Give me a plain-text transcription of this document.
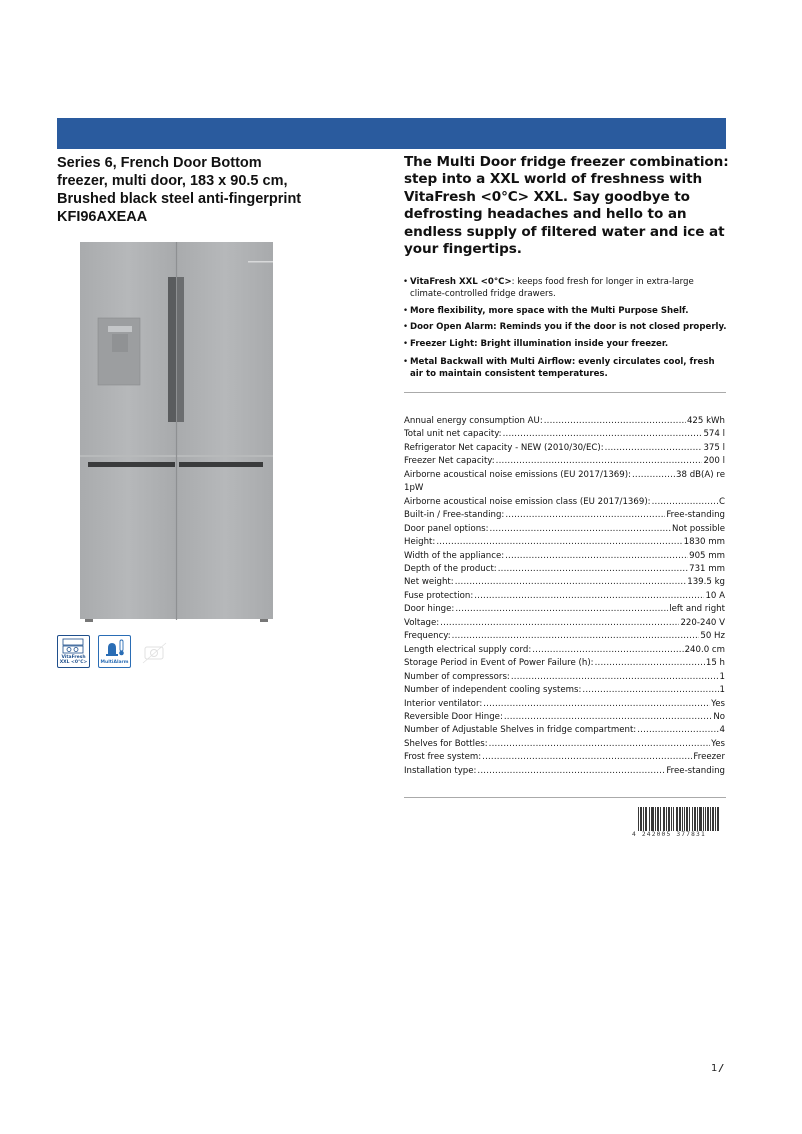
Series 6, French Door Bottom
freezer, multi door, 183 x 90.5 cm,
Brushed black steel anti-fingerprint
KFI96AXEAA
The Multi Door fridge freezer combination:
step into a XXL world of freshness with
VitaFresh <0°C> XXL. Say goodbye to
defrosting headaches and hello to an
endless supply of filtered water and ice at
your fingertips.
• VitaFresh XXL <0°C>: keeps food fresh for longer in extra-large climate-controlled fridge drawers.
• More flexibility, more space with the Multi Purpose Shelf.
• Door Open Alarm: Reminds you if the door is not closed properly.
• Freezer Light: Bright illumination inside your freezer.
• Metal Backwall with Multi Airflow: evenly circulates cool, fresh air to maintain consistent temperatures.
Annual energy consumption AU: .....	425 kWh
Total unit net capacity: .....	574 l
Refrigerator Net capacity - NEW (2010/30/EC): .....	375 l
Freezer Net capacity: .....	200 l
Airborne acoustical noise emissions (EU 2017/1369): .....	38 dB(A) re
1pW
Airborne acoustical noise emission class (EU 2017/1369): .....	C
Built-in / Free-standing: .....	Free-standing
Door panel options: .....	Not possible
Height: .....	1830 mm
Width of the appliance: .....	905 mm
Depth of the product: .....	731 mm
Net weight: .....	139.5 kg
Fuse protection: .....	10 A
Door hinge: .....	left and right
Voltage: .....	220-240 V
Frequency: .....	50 Hz
Length electrical supply cord: .....	240.0 cm
Storage Period in Event of Power Failure (h): .....	15 h
Number of compressors: .....	1
Number of independent cooling systems: .....	1
Interior ventilator: .....	Yes
Reversible Door Hinge: .....	No
Number of Adjustable Shelves in fridge compartment: .....	4
Shelves for Bottles: .....	Yes
Frost free system: .....	Freezer
Installation type: .....	Free-standing
VitaFresh XXL <0°C>	MultiAlarm
4 242005 377831
1 /
